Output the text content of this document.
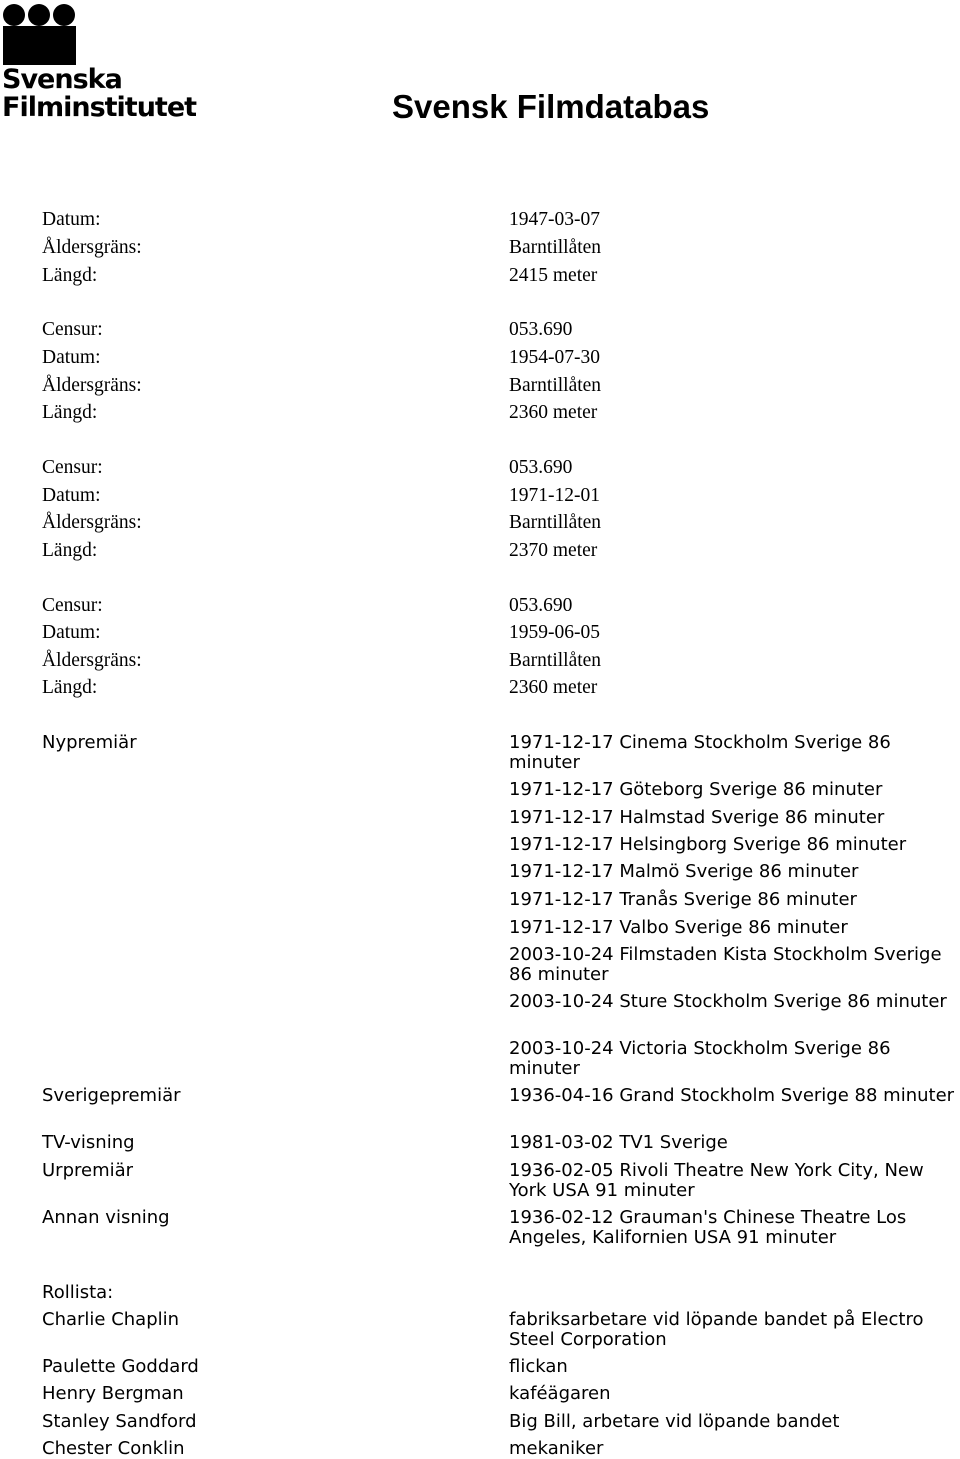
Svenska
Filminstitutet	Svensk Filmdatabas
Datum:	1947-03-07
Åldersgräns:	Barntillåten
Längd:	2415 meter
Censur:	053.690
Datum:	1954-07-30
Åldersgräns:	Barntillåten
Längd:	2360 meter
Censur:	053.690
Datum:	1971-12-01
Åldersgräns:	Barntillåten
Längd:	2370 meter
Censur:	053.690
Datum:	1959-06-05
Åldersgräns:	Barntillåten
Längd:	2360 meter
Nypremiär	1971-12-17 Cinema Stockholm Sverige 86 minuter
1971-12-17 Göteborg Sverige 86 minuter
1971-12-17 Halmstad Sverige 86 minuter
1971-12-17 Helsingborg Sverige 86 minuter
1971-12-17 Malmö Sverige 86 minuter
1971-12-17 Tranås Sverige 86 minuter
1971-12-17 Valbo Sverige 86 minuter
2003-10-24 Filmstaden Kista Stockholm Sverige 86 minuter
2003-10-24 Sture Stockholm Sverige 86 minuter
2003-10-24 Victoria Stockholm Sverige 86 minuter
Sverigepremiär	1936-04-16 Grand Stockholm Sverige 88 minuter
TV-visning	1981-03-02 TV1 Sverige
Urpremiär	1936-02-05 Rivoli Theatre New York City, New York USA 91 minuter
Annan visning	1936-02-12 Grauman's Chinese Theatre Los Angeles, Kalifornien USA 91 minuter
Rollista:
Charlie Chaplin	fabriksarbetare vid löpande bandet på Electro Steel Corporation
Paulette Goddard	flickan
Henry Bergman	kaféägaren
Stanley Sandford	Big Bill, arbetare vid löpande bandet
Chester Conklin	mekaniker
